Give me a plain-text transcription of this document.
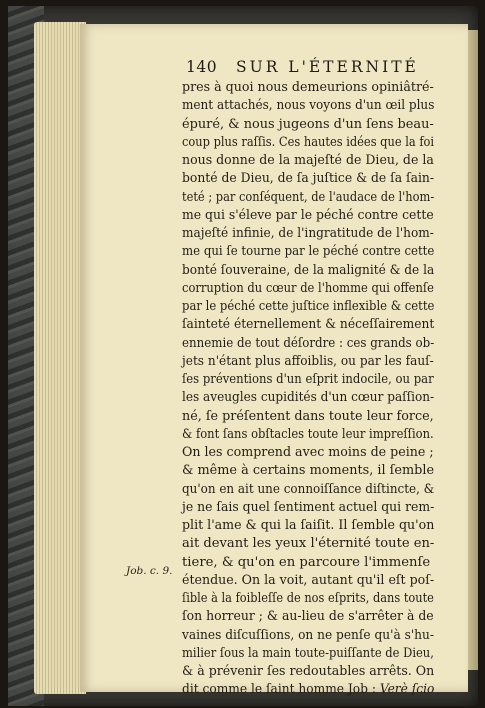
140 SUR L'ÉTERNITÉ
pres à quoi nous demeurions opiniâtré-
ment attachés, nous voyons d'un œil plus
épuré, & nous jugeons d'un ſens beau-
coup plus raſſis. Ces hautes idées que la foi
nous donne de la majeſté de Dieu, de la
bonté de Dieu, de ſa juſtice & de ſa ſain-
teté ; par conſéquent, de l'audace de l'hom-
me qui s'éleve par le péché contre cette
majeſté infinie, de l'ingratitude de l'hom-
me qui ſe tourne par le péché contre cette
bonté ſouveraine, de la malignité & de la
corruption du cœur de l'homme qui offenſe
par le péché cette juſtice inflexible & cette
ſainteté éternellement & néceſſairement
ennemie de tout déſordre : ces grands ob-
jets n'étant plus affoiblis, ou par les fauſ-
ſes préventions d'un eſprit indocile, ou par
les aveugles cupidités d'un cœur paſſion-
né, ſe préſentent dans toute leur force,
& font ſans obſtacles toute leur impreſſion.
On les comprend avec moins de peine ;
& même à certains moments, il ſemble
qu'on en ait une connoiſſance diſtincte, &
je ne ſais quel ſentiment actuel qui rem-
plit l'ame & qui la ſaiſit. Il ſemble qu'on
ait devant les yeux l'éternité toute en-
tiere, & qu'on en parcoure l'immenſe
étendue. On la voit, autant qu'il eſt poſ-
ſible à la foibleſſe de nos eſprits, dans toute
ſon horreur ; & au-lieu de s'arrêter à de
vaines diſcuſſions, on ne penſe qu'à s'hu-
milier ſous la main toute-puiſſante de Dieu,
& à prévenir ſes redoutables arrêts. On
dit comme le ſaint homme Job : Verè ſcio
Job. c. 9.
